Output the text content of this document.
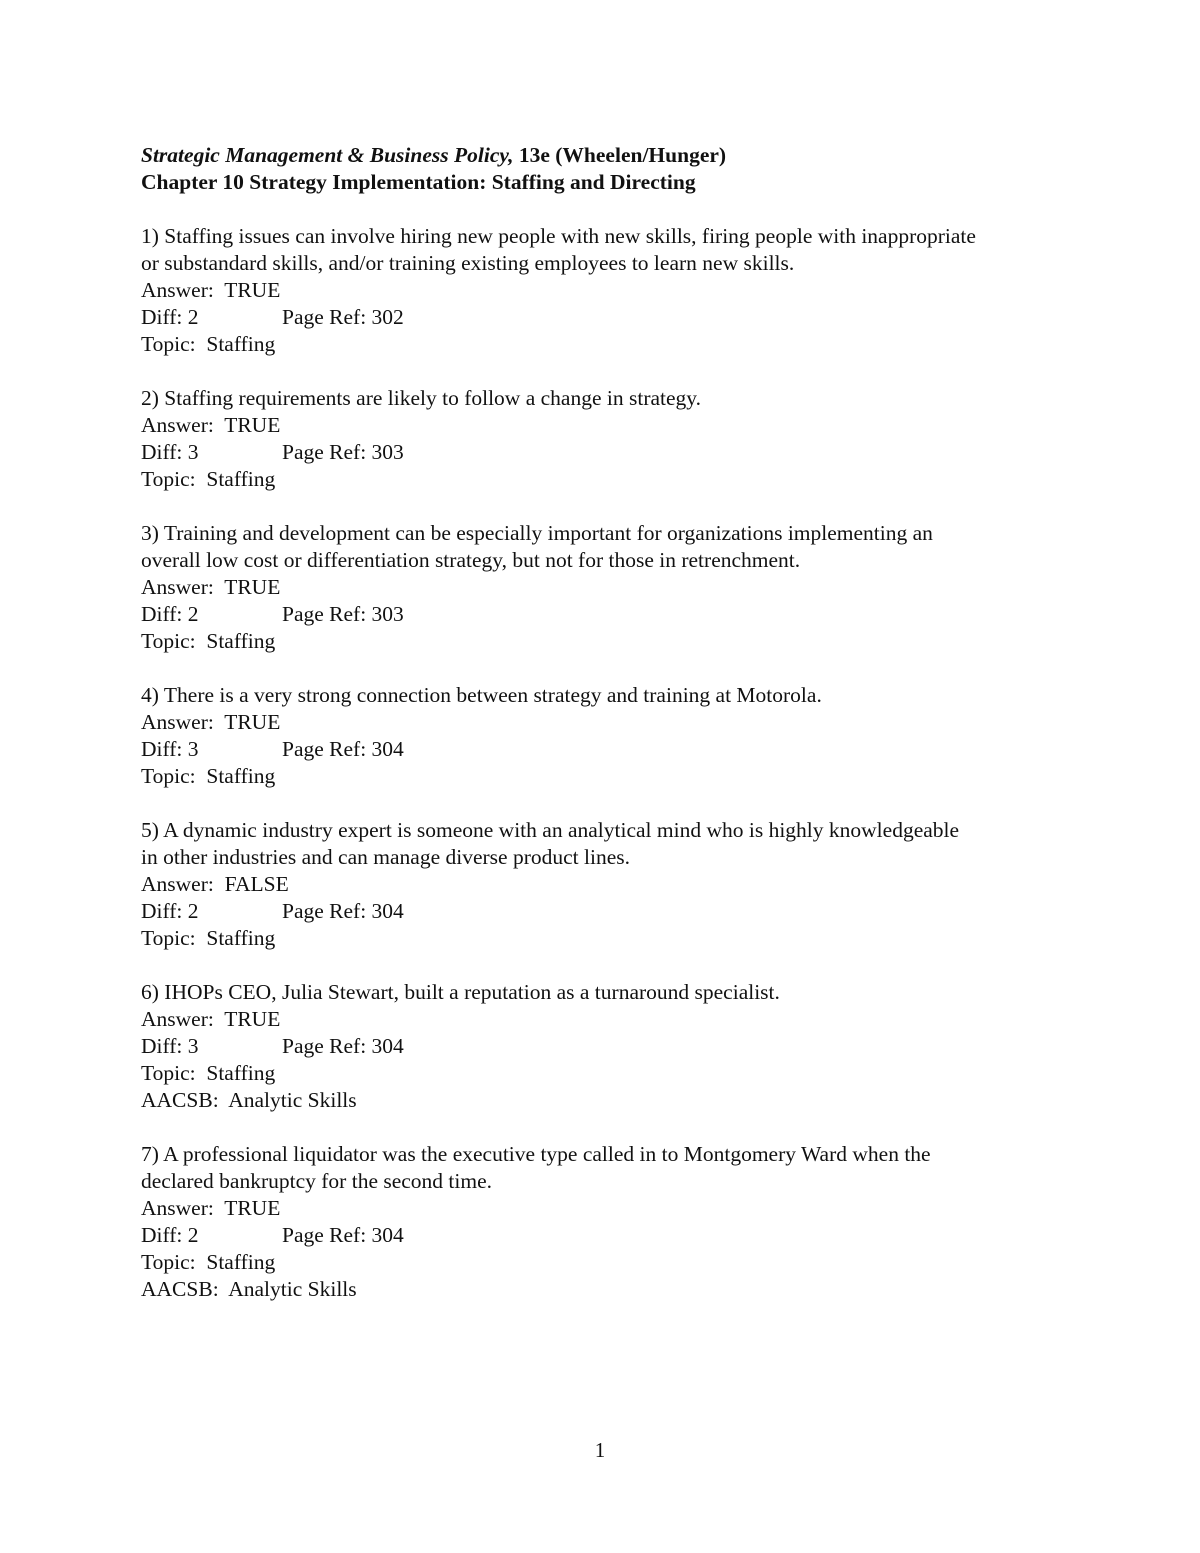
Strategic Management & Business Policy, 13e (Wheelen/Hunger)

Chapter 10 Strategy Implementation: Staffing and Directing

1) Staffing issues can involve hiring new people with new skills, firing people with inappropriate

or substandard skills, and/or training existing employees to learn new skills.

Answer:  TRUE

Diff: 2	Page Ref: 302

Topic:  Staffing

2) Staffing requirements are likely to follow a change in strategy.

Answer:  TRUE

Diff: 3	Page Ref: 303

Topic:  Staffing

3) Training and development can be especially important for organizations implementing an

overall low cost or differentiation strategy, but not for those in retrenchment.

Answer:  TRUE

Diff: 2	Page Ref: 303

Topic:  Staffing

4) There is a very strong connection between strategy and training at Motorola.

Answer:  TRUE

Diff: 3	Page Ref: 304

Topic:  Staffing

5) A dynamic industry expert is someone with an analytical mind who is highly knowledgeable

in other industries and can manage diverse product lines.

Answer:  FALSE

Diff: 2	Page Ref: 304

Topic:  Staffing

6) IHOPs CEO, Julia Stewart, built a reputation as a turnaround specialist.

Answer:  TRUE

Diff: 3	Page Ref: 304

Topic:  Staffing

AACSB:  Analytic Skills

7) A professional liquidator was the executive type called in to Montgomery Ward when the

declared bankruptcy for the second time.

Answer:  TRUE

Diff: 2	Page Ref: 304

Topic:  Staffing

AACSB:  Analytic Skills

1
